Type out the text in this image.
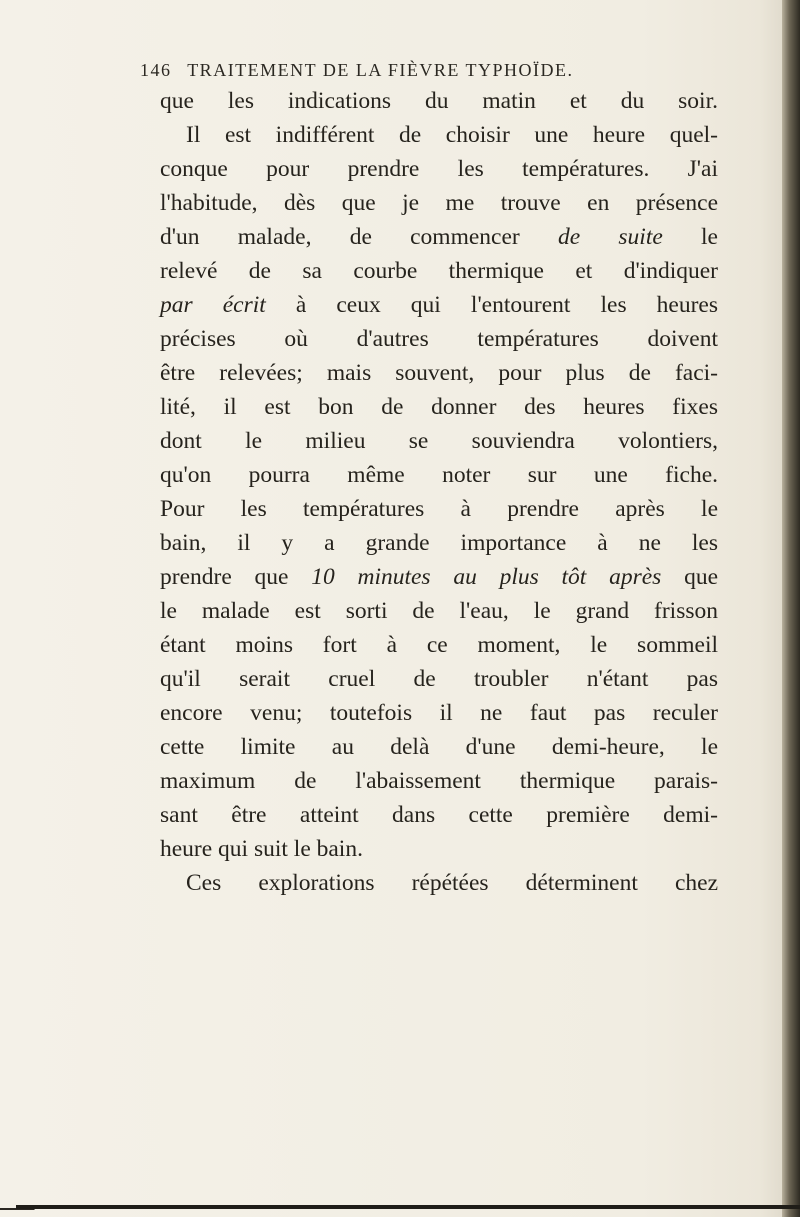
146 TRAITEMENT DE LA FIÈVRE TYPHOÏDE.
que les indications du matin et du soir.
Il est indifférent de choisir une heure quel-
conque pour prendre les températures. J'ai
l'habitude, dès que je me trouve en présence
d'un malade, de commencer de suite le
relevé de sa courbe thermique et d'indiquer
par écrit à ceux qui l'entourent les heures
précises où d'autres températures doivent
être relevées; mais souvent, pour plus de faci-
lité, il est bon de donner des heures fixes
dont le milieu se souviendra volontiers,
qu'on pourra même noter sur une fiche.
Pour les températures à prendre après le
bain, il y a grande importance à ne les
prendre que 10 minutes au plus tôt après que
le malade est sorti de l'eau, le grand frisson
étant moins fort à ce moment, le sommeil
qu'il serait cruel de troubler n'étant pas
encore venu; toutefois il ne faut pas reculer
cette limite au delà d'une demi-heure, le
maximum de l'abaissement thermique parais-
sant être atteint dans cette première demi-
heure qui suit le bain.
Ces explorations répétées déterminent chez
